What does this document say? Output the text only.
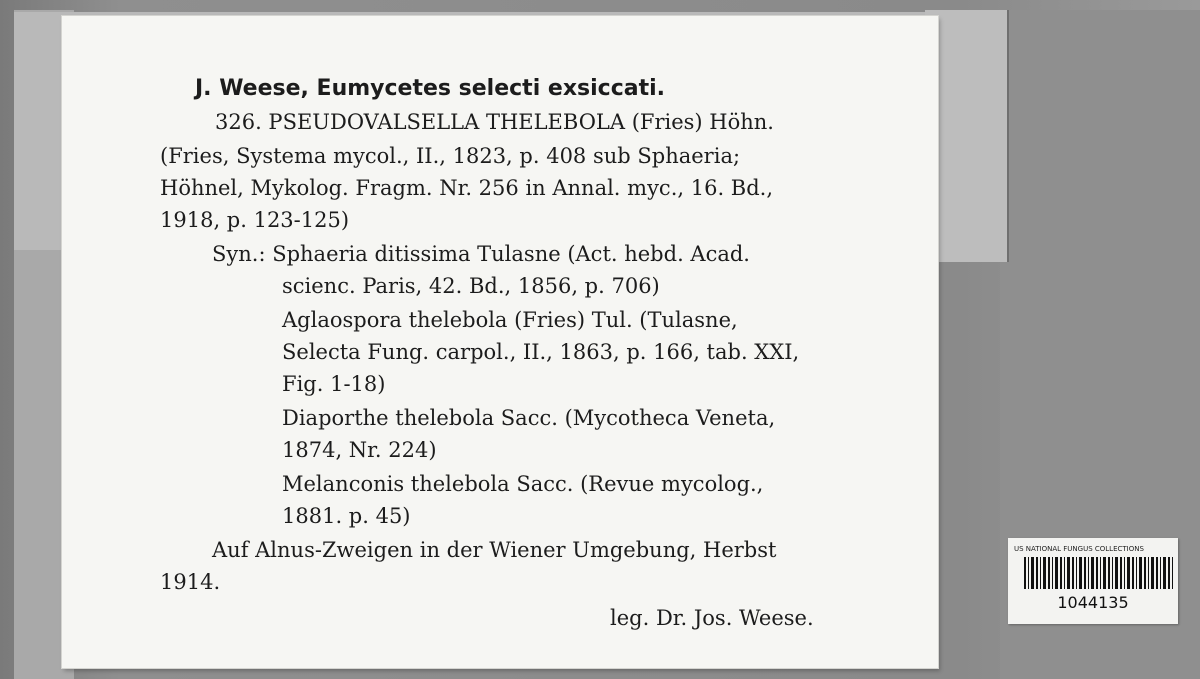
J. Weese, Eumycetes selecti exsiccati.
326. PSEUDOVALSELLA THELEBOLA (Fries) Höhn.
(Fries, Systema mycol., II., 1823, p. 408 sub Sphaeria;
Höhnel, Mykolog. Fragm. Nr. 256 in Annal. myc., 16. Bd.,
1918, p. 123-125)
Syn.: Sphaeria ditissima Tulasne (Act. hebd. Acad.
scienc. Paris, 42. Bd., 1856, p. 706)
Aglaospora thelebola (Fries) Tul. (Tulasne,
Selecta Fung. carpol., II., 1863, p. 166, tab. XXI,
Fig. 1-18)
Diaporthe thelebola Sacc. (Mycotheca Veneta,
1874, Nr. 224)
Melanconis thelebola Sacc. (Revue mycolog.,
1881. p. 45)
Auf Alnus-Zweigen in der Wiener Umgebung, Herbst
1914.
leg. Dr. Jos. Weese.
US NATIONAL FUNGUS COLLECTIONS
1044135
